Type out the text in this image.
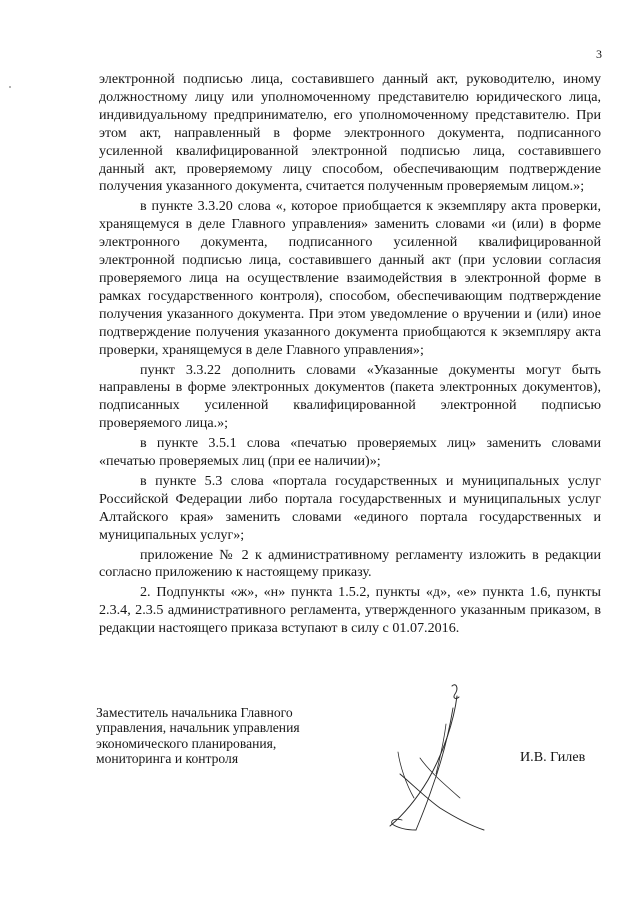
3

электронной подписью лица, составившего данный акт, руководителю, иному должностному лицу или уполномоченному представителю юридического лица, индивидуальному предпринимателю, его уполномоченному представителю. При этом акт, направленный в форме электронного документа, подписанного усиленной квалифицированной электронной подписью лица, составившего данный акт, проверяемому лицу способом, обеспечивающим подтверждение получения указанного документа, считается полученным проверяемым лицом.»;

в пункте 3.3.20 слова «, которое приобщается к экземпляру акта проверки, хранящемуся в деле Главного управления» заменить словами «и (или) в форме электронного документа, подписанного усиленной квалифицированной электронной подписью лица, составившего данный акт (при условии согласия проверяемого лица на осуществление взаимодействия в электронной форме в рамках государственного контроля), способом, обеспечивающим подтверждение получения указанного документа. При этом уведомление о вручении и (или) иное подтверждение получения указанного документа приобщаются к экземпляру акта проверки, хранящемуся в деле Главного управления»;

пункт 3.3.22 дополнить словами «Указанные документы могут быть направлены в форме электронных документов (пакета электронных документов), подписанных усиленной квалифицированной электронной подписью проверяемого лица.»;

в пункте 3.5.1 слова «печатью проверяемых лиц» заменить словами «печатью проверяемых лиц (при ее наличии)»;

в пункте 5.3 слова «портала государственных и муниципальных услуг Российской Федерации либо портала государственных и муниципальных услуг Алтайского края» заменить словами «единого портала государственных и муниципальных услуг»;

приложение № 2 к административному регламенту изложить в редакции согласно приложению к настоящему приказу.

2. Подпункты «ж», «н» пункта 1.5.2, пункты «д», «е» пункта 1.6, пункты 2.3.4, 2.3.5 административного регламента, утвержденного указанным приказом, в редакции настоящего приказа вступают в силу с 01.07.2016.

Заместитель начальника Главного
управления, начальник управления
экономического планирования,
мониторинга и контроля	И.В. Гилев
